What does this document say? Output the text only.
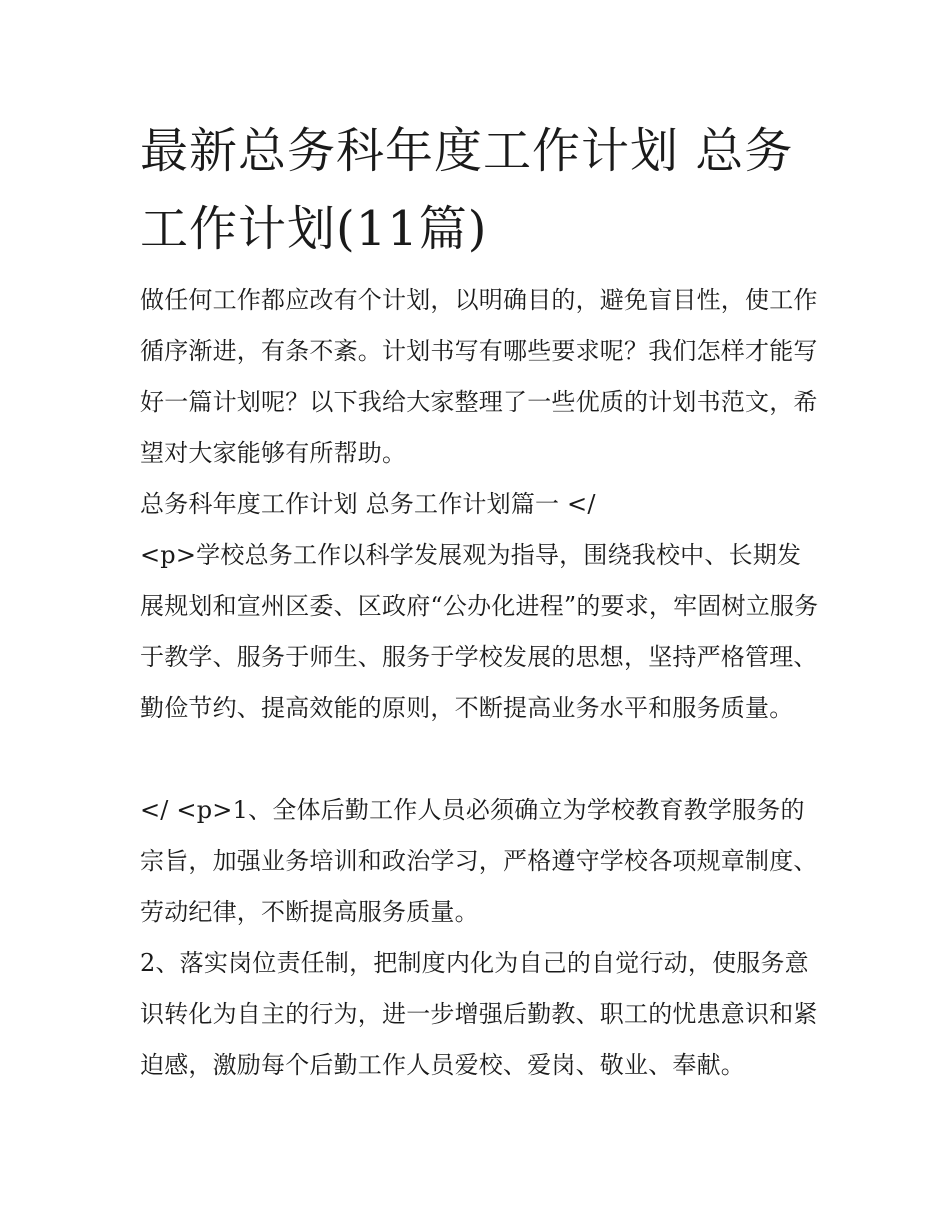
最新总务科年度工作计划 总务工作计划(11篇)

做任何工作都应改有个计划，以明确目的，避免盲目性，使工作循序渐进，有条不紊。计划书写有哪些要求呢？我们怎样才能写好一篇计划呢？以下我给大家整理了一些优质的计划书范文，希望对大家能够有所帮助。

总务科年度工作计划 总务工作计划篇一 </

<p>学校总务工作以科学发展观为指导，围绕我校中、长期发展规划和宣州区委、区政府“公办化进程”的要求，牢固树立服务于教学、服务于师生、服务于学校发展的思想，坚持严格管理、勤俭节约、提高效能的原则，不断提高业务水平和服务质量。

</ <p>1、全体后勤工作人员必须确立为学校教育教学服务的宗旨，加强业务培训和政治学习，严格遵守学校各项规章制度、劳动纪律，不断提高服务质量。

2、落实岗位责任制，把制度内化为自己的自觉行动，使服务意识转化为自主的行为，进一步增强后勤教、职工的忧患意识和紧迫感，激励每个后勤工作人员爱校、爱岗、敬业、奉献。
